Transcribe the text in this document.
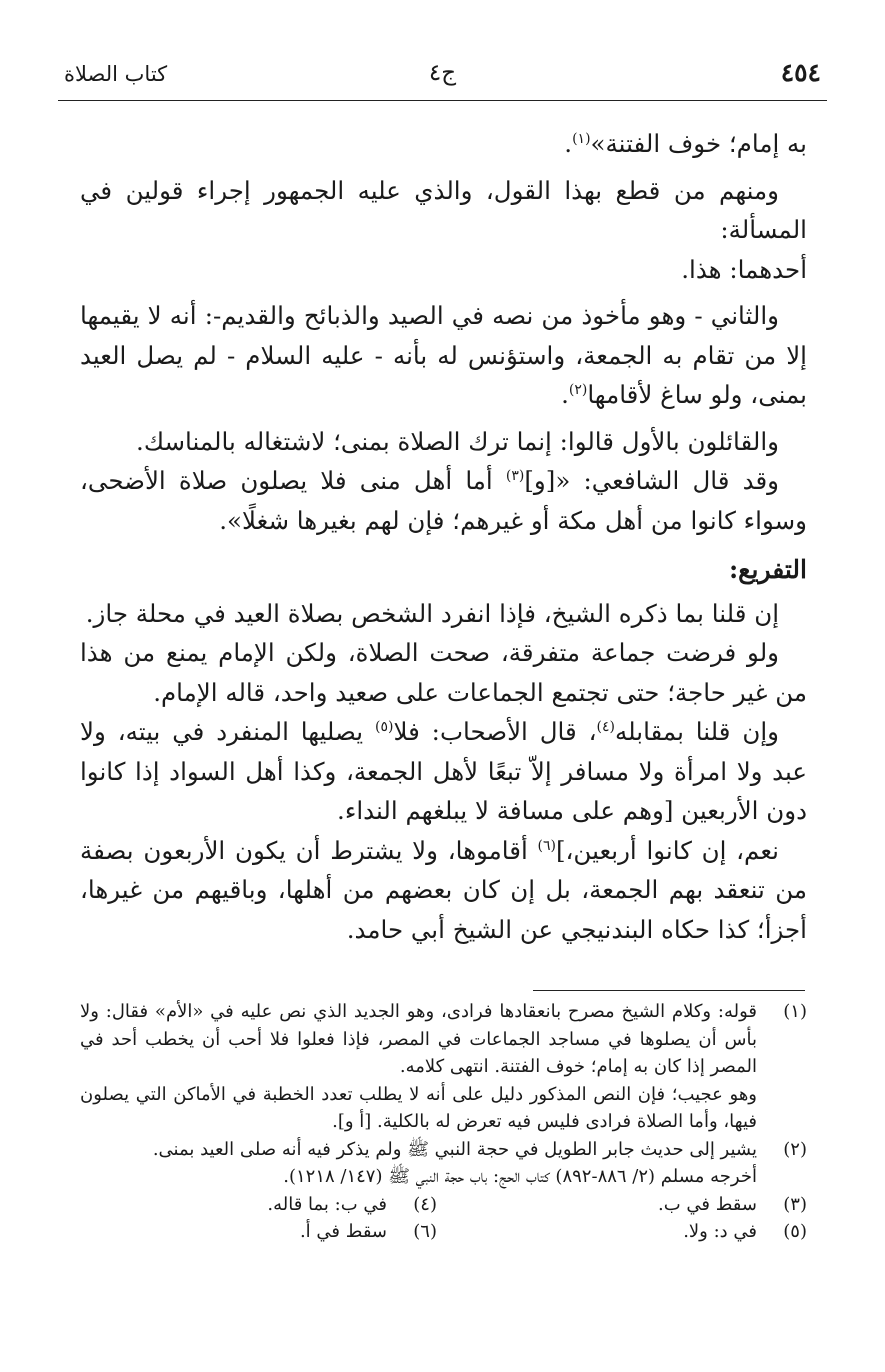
٤٥٤
ج٤
كتاب الصلاة

به إمام؛ خوف الفتنة»$^{(١)}$.

ومنهم من قطع بهذا القول، والذي عليه الجمهور إجراء قولين في المسألة:

أحدهما: هذا.

والثاني - وهو مأخوذ من نصه في الصيد والذبائح والقديم-: أنه لا يقيمها إلا من تقام به الجمعة، واستؤنس له بأنه - عليه السلام - لم يصل العيد بمنى، ولو ساغ لأقامها$^{(٢)}$.

والقائلون بالأول قالوا: إنما ترك الصلاة بمنى؛ لاشتغاله بالمناسك.

وقد قال الشافعي: «[و]$^{(٣)}$ أما أهل منى فلا يصلون صلاة الأضحى، وسواء كانوا من أهل مكة أو غيرهم؛ فإن لهم بغيرها شغلًا».

التفريع:

إن قلنا بما ذكره الشيخ، فإذا انفرد الشخص بصلاة العيد في محلة جاز.

ولو فرضت جماعة متفرقة، صحت الصلاة، ولكن الإمام يمنع من هذا من غير حاجة؛ حتى تجتمع الجماعات على صعيد واحد، قاله الإمام.

وإن قلنا بمقابله$^{(٤)}$، قال الأصحاب: فلا$^{(٥)}$ يصليها المنفرد في بيته، ولا عبد ولا امرأة ولا مسافر إلاّ تبعًا لأهل الجمعة، وكذا أهل السواد إذا كانوا دون الأربعين [وهم على مسافة لا يبلغهم النداء.

نعم، إن كانوا أربعين،]$^{(٦)}$ أقاموها، ولا يشترط أن يكون الأربعون بصفة من تنعقد بهم الجمعة، بل إن كان بعضهم من أهلها، وباقيهم من غيرها، أجزأ؛ كذا حكاه البندنيجي عن الشيخ أبي حامد.

(١)
قوله: وكلام الشيخ مصرح بانعقادها فرادى، وهو الجديد الذي نص عليه في «الأم» فقال: ولا بأس أن يصلوها في مساجد الجماعات في المصر، فإذا فعلوا فلا أحب أن يخطب أحد في المصر إذا كان به إمام؛ خوف الفتنة. انتهى كلامه.
وهو عجيب؛ فإن النص المذكور دليل على أنه لا يطلب تعدد الخطبة في الأماكن التي يصلون فيها، وأما الصلاة فرادى فليس فيه تعرض له بالكلية. [أ و].
(٢)
يشير إلى حديث جابر الطويل في حجة النبي ﷺ ولم يذكر فيه أنه صلى العيد بمنى.
أخرجه مسلم (٢/ ٨٨٦-٨٩٢) كتاب الحج: باب حجة النبي ﷺ (١٤٧/ ١٢١٨).
(٣)سقط في ب.
(٤)في ب: بما قاله.
(٥)في د: ولا.
(٦)سقط في أ.
